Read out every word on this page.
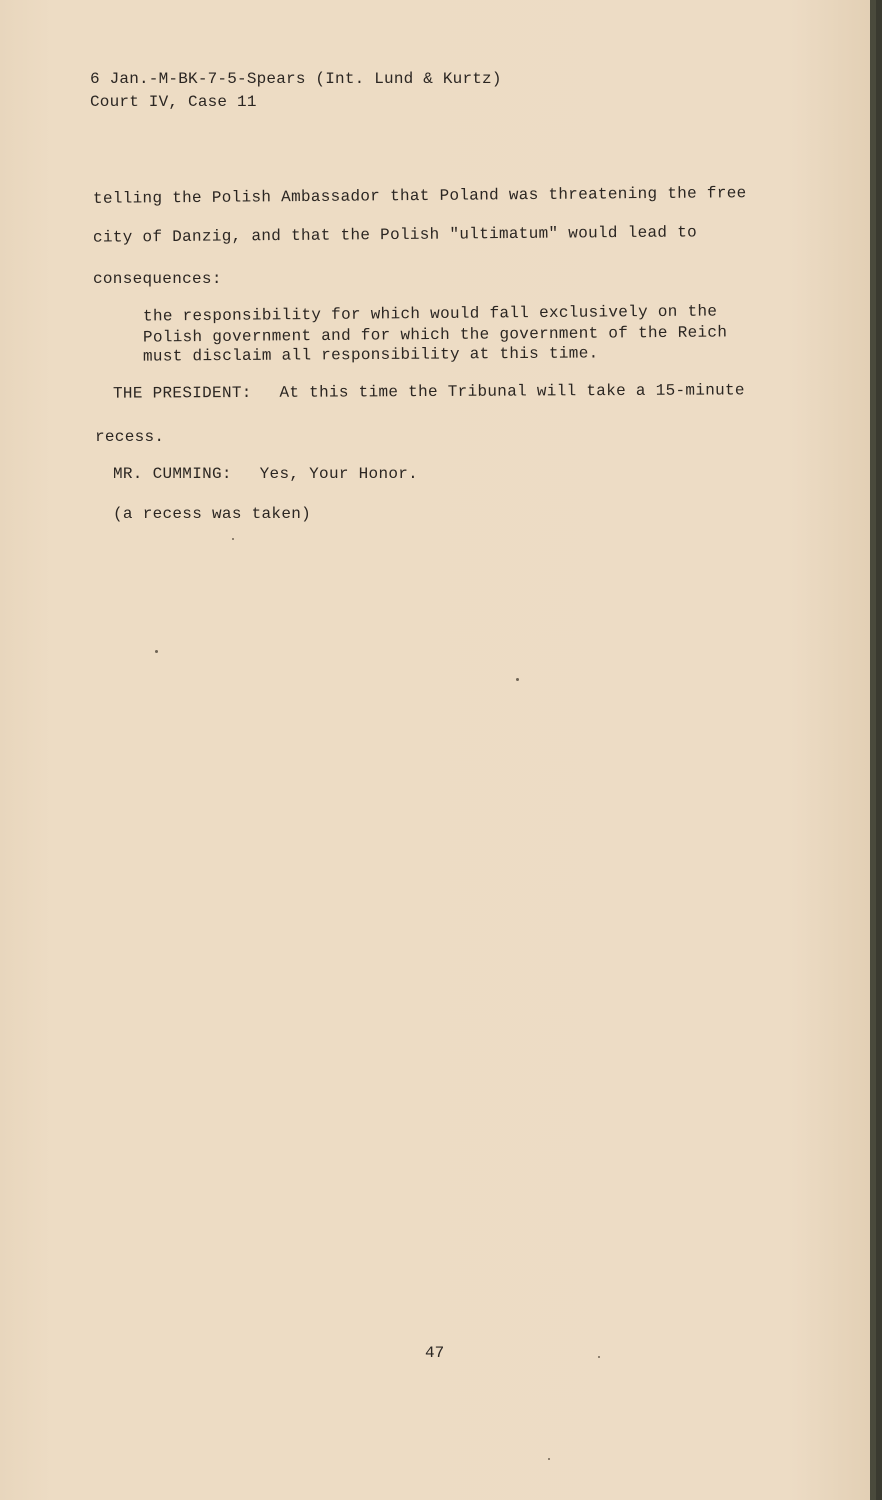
6 Jan.-M-BK-7-5-Spears (Int. Lund & Kurtz)
Court IV, Case 11
telling the Polish Ambassador that Poland was threatening the free
city of Danzig, and that the Polish "ultimatum" would lead to
consequences:
the responsibility for which would fall exclusively on the
Polish government and for which the government of the Reich
must disclaim all responsibility at this time.
THE PRESIDENT: At this time the Tribunal will take a 15-minute
recess.
MR. CUMMING: Yes, Your Honor.
(a recess was taken)
47
